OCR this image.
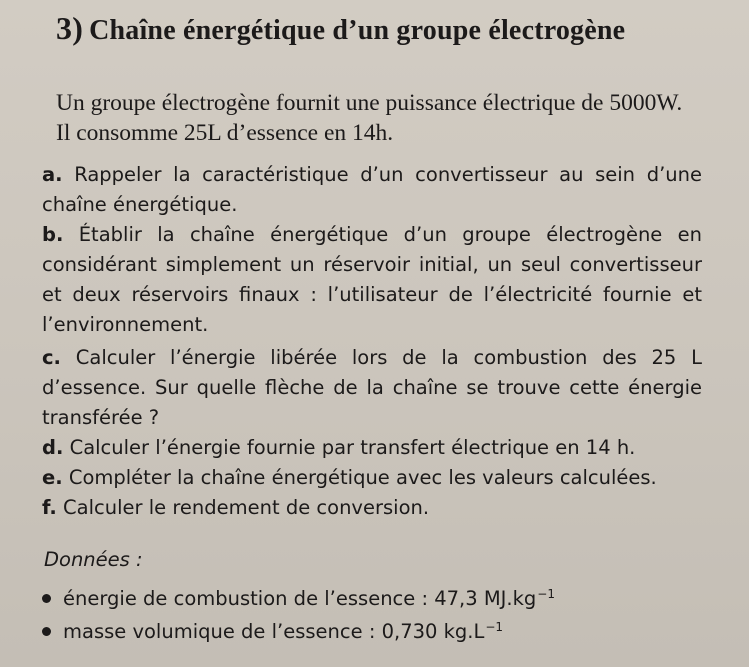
3) Chaîne énergétique d’un groupe électrogène

Un groupe électrogène fournit une puissance électrique de 5000W. Il consomme 25L d’essence en 14h.

a. Rappeler la caractéristique d’un convertisseur au sein d’une chaîne énergétique.

b. Établir la chaîne énergétique d’un groupe électrogène en considérant simplement un réservoir initial, un seul convertisseur et deux réservoirs finaux : l’utilisateur de l’électricité fournie et l’environnement.

c. Calculer l’énergie libérée lors de la combustion des 25 L d’essence. Sur quelle flèche de la chaîne se trouve cette énergie transférée ?

d. Calculer l’énergie fournie par transfert électrique en 14 h.

e. Compléter la chaîne énergétique avec les valeurs calculées.

f. Calculer le rendement de conversion.

Données :

énergie de combustion de l’essence : 47,3 $MJ.kg^{-1}$
masse volumique de l’essence : 0,730 $kg.L^{-1}$
